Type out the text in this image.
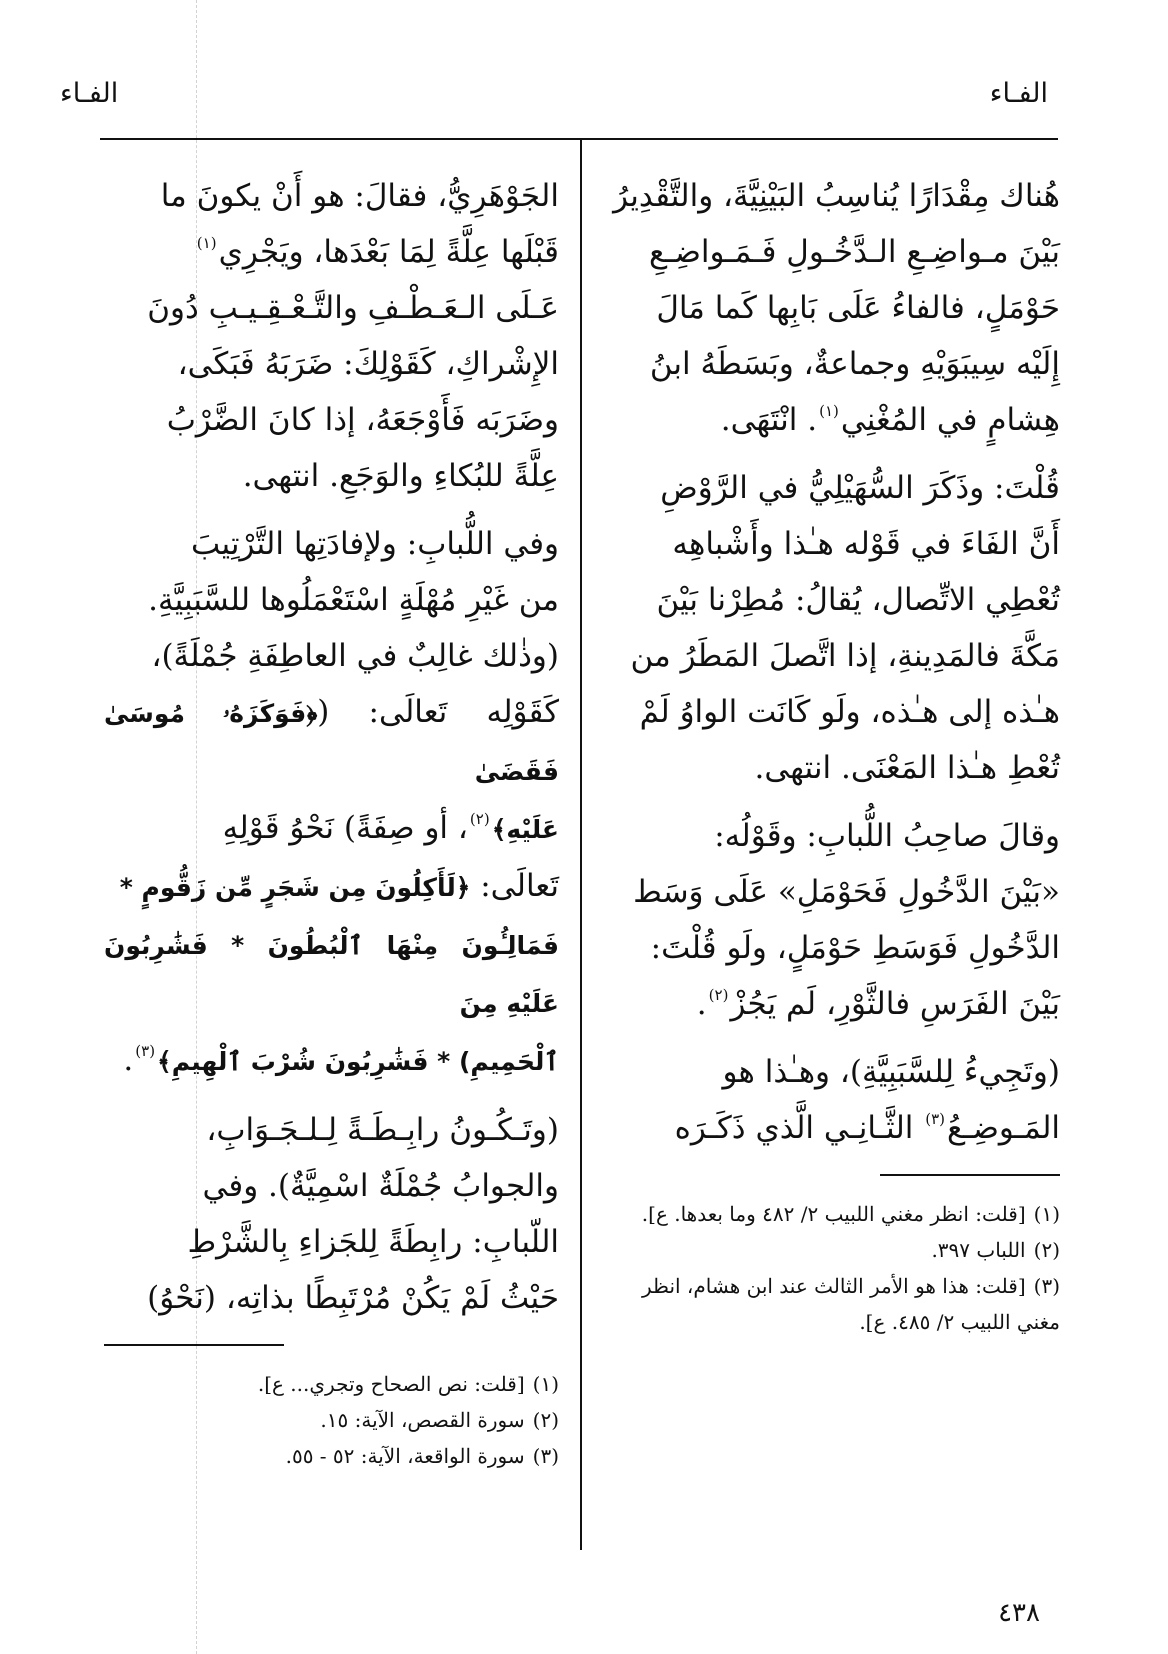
الفـاء
الفـاء

هُناك مِقْدَارًا يُناسِبُ البَيْنِيَّةَ، والتَّقْدِيرُ

بَيْنَ مـواضِـعِ الـدَّخُـولِ فَـمَـواضِـعِ

حَوْمَلٍ، فالفاءُ عَلَى بَابِها كَما مَالَ

إِلَيْه سِيبَوَيْهِ وجماعةٌ، وبَسَطَهُ ابنُ

هِشامٍ في المُغْنِي$^{(١)}$. انْتَهَى.

قُلْتَ: وذَكَرَ السُّهَيْلِيُّ في الرَّوْضِ

أَنَّ الفَاءَ في قَوْله هـٰذا وأَشْباهِه

تُعْطِي الاتِّصال، يُقالُ: مُطِرْنا بَيْنَ

مَكَّةَ فالمَدِينةِ، إذا اتَّصلَ المَطَرُ من

هـٰذه إلى هـٰذه، ولَو كَانَت الواوُ لَمْ

تُعْطِ هـٰذا المَعْنَى. انتهى.

وقالَ صاحِبُ اللُّبابِ: وقَوْلُه:

«بَيْنَ الدَّخُولِ فَحَوْمَلِ» عَلَى وَسَط

الدَّخُولِ فَوَسَطِ حَوْمَلٍ، ولَو قُلْتَ:

بَيْنَ الفَرَسِ فالثَّوْرِ، لَم يَجُزْ$^{(٢)}$.

(وتَجِيءُ لِلسَّبَبِيَّةِ)، وهـٰذا هو

المَـوضِـعُ$^{(٣)}$ الثَّـانِـي الَّذي ذَكَـرَه

(١)[قلت: انظر مغني اللبيب ٢/ ٤٨٢ وما بعدها. ع].
(٢)اللباب ٣٩٧.
(٣)[قلت: هذا هو الأمر الثالث عند ابن هشام، انظر مغني اللبيب ٢/ ٤٨٥. ع].

الجَوْهَرِيُّ، فقالَ: هو أَنْ يكونَ ما

قَبْلَها عِلَّةً لِمَا بَعْدَها، ويَجْرِي$^{(١)}$

عَـلَى الـعَـطْـفِ والتَّـعْـقِـيـبِ دُونَ

الإِشْراكِ، كَقَوْلِكَ: ضَرَبَهُ فَبَكَى،

وضَرَبَه فَأَوْجَعَهُ، إذا كانَ الضَّرْبُ

عِلَّةً للبُكاءِ والوَجَعِ. انتهى.

وفي اللُّبابِ: ولإفادَتِها التَّرْتِيبَ

من غَيْرِ مُهْلَةٍ اسْتَعْمَلُوها للسَّبَبِيَّةِ.

(وذٰلك غالِبٌ في العاطِفَةِ جُمْلَةً)،

كَقَوْلِه تَعالَى: (﴿فَوَكَزَهُۥ مُوسَىٰ فَقَضَىٰ

عَلَيْهِ﴾$^{(٢)}$، أو صِفَةً) نَحْوُ قَوْلِهِ

تَعالَى: ﴿لَأَكِلُونَ مِن شَجَرٍ مِّن زَقُّومٍ *

فَمَالِـُٔونَ مِنْهَا ٱلْبُطُونَ * فَشَٰرِبُونَ عَلَيْهِ مِنَ

ٱلْحَمِيمِ) * فَشَٰرِبُونَ شُرْبَ ٱلْهِيمِ﴾$^{(٣)}$.

(وتَـكُـونُ رابِـطَـةً لِـلـجَـوَابِ،

والجوابُ جُمْلَةٌ اسْمِيَّةٌ). وفي

اللّبابِ: رابِطَةً لِلجَزاءِ بِالشَّرْطِ

حَيْثُ لَمْ يَكُنْ مُرْتَبِطًا بذاتِه، (نَحْوُ)

(١)[قلت: نص الصحاح وتجري... ع].
(٢)سورة القصص، الآية: ١٥.
(٣)سورة الواقعة، الآية: ٥٢ - ٥٥.
٤٣٨
